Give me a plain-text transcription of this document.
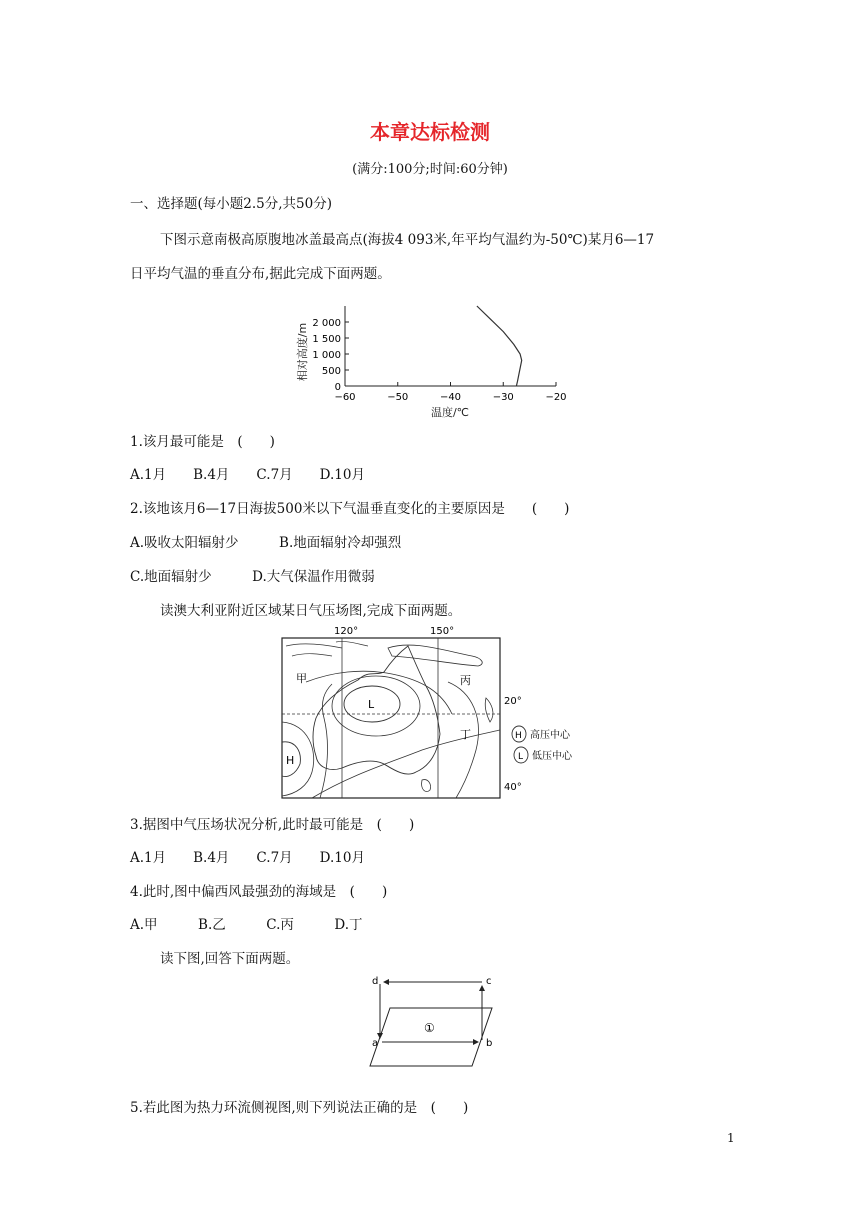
本章达标检测
(满分:100分;时间:60分钟)
一、选择题(每小题2.5分,共50分)
下图示意南极高原腹地冰盖最高点(海拔4 093米,年平均气温约为-50℃)某月6—17
日平均气温的垂直分布,据此完成下面两题。
0
500
1 000
1 500
2 000
−60	−50	−40	−30	−20
相对高度/m
温度/℃
1.该月最可能是　(　　)
A.1月　　B.4月　　C.7月　　D.10月
2.该地该月6—17日海拔500米以下气温垂直变化的主要原因是　　(　　)
A.吸收太阳辐射少　　　B.地面辐射冷却强烈
C.地面辐射少　　　D.大气保温作用微弱
读澳大利亚附近区域某日气压场图,完成下面两题。
120°	150°
20°
40°
甲	丙
丁
L
H
H 高压中心
L 低压中心
3.据图中气压场状况分析,此时最可能是　(　　)
A.1月　　B.4月　　C.7月　　D.10月
4.此时,图中偏西风最强劲的海域是　(　　)
A.甲　　　B.乙　　　C.丙　　　D.丁
读下图,回答下面两题。
d	c
a	b
①
5.若此图为热力环流侧视图,则下列说法正确的是　(　　)
1
